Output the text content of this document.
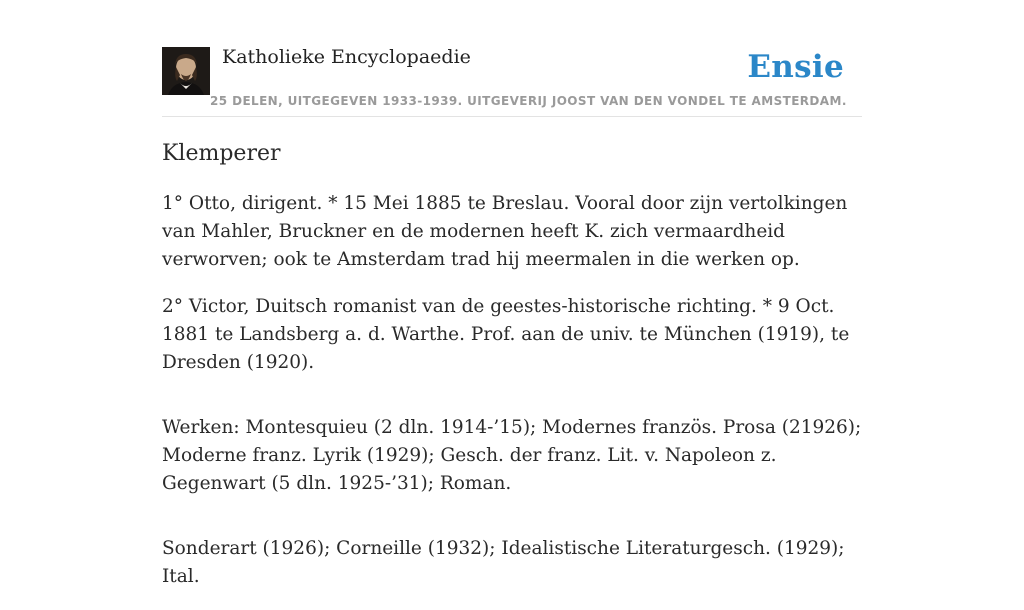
Katholieke Encyclopaedie	Ensie
25 DELEN, UITGEGEVEN 1933-1939. UITGEVERIJ JOOST VAN DEN VONDEL TE AMSTERDAM.
Klemperer

1° Otto, dirigent. * 15 Mei 1885 te Breslau. Vooral door zijn vertolkingen van Mahler, Bruckner en de modernen heeft K. zich vermaardheid verworven; ook te Amsterdam trad hij meermalen in die werken op.

2° Victor, Duitsch romanist van de geestes-historische richting. * 9 Oct. 1881 te Landsberg a. d. Warthe. Prof. aan de univ. te München (1919), te Dresden (1920).

Werken: Montesquieu (2 dln. 1914-’15); Modernes französ. Prosa (21926); Moderne franz. Lyrik (1929); Gesch. der franz. Lit. v. Napoleon z. Gegenwart (5 dln. 1925-’31); Roman.

Sonderart (1926); Corneille (1932); Idealistische Literaturgesch. (1929); Ital.
